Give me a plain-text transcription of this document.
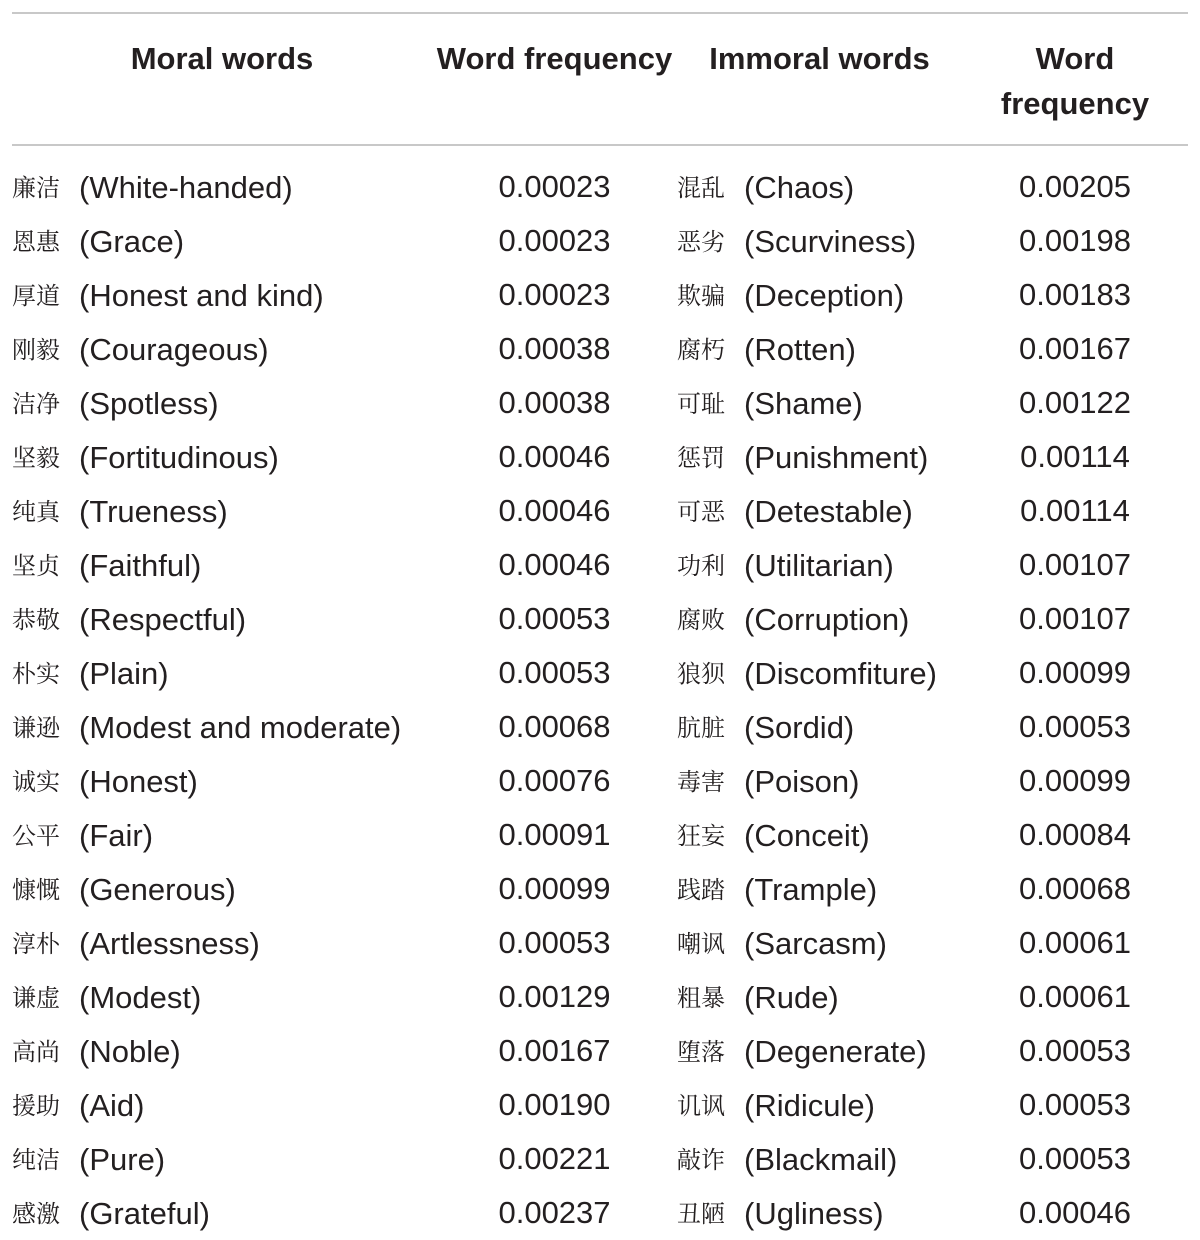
Moral words	Word frequency	Immoral words	Word frequency
廉洁 (White-handed)	0.00023	混乱 (Chaos)	0.00205
恩惠 (Grace)	0.00023	恶劣 (Scurviness)	0.00198
厚道 (Honest and kind)	0.00023	欺骗 (Deception)	0.00183
刚毅 (Courageous)	0.00038	腐朽 (Rotten)	0.00167
洁净 (Spotless)	0.00038	可耻 (Shame)	0.00122
坚毅 (Fortitudinous)	0.00046	惩罚 (Punishment)	0.00114
纯真 (Trueness)	0.00046	可恶 (Detestable)	0.00114
坚贞 (Faithful)	0.00046	功利 (Utilitarian)	0.00107
恭敬 (Respectful)	0.00053	腐败 (Corruption)	0.00107
朴实 (Plain)	0.00053	狼狈 (Discomfiture)	0.00099
谦逊 (Modest and moderate)	0.00068	肮脏 (Sordid)	0.00053
诚实 (Honest)	0.00076	毒害 (Poison)	0.00099
公平 (Fair)	0.00091	狂妄 (Conceit)	0.00084
慷慨 (Generous)	0.00099	践踏 (Trample)	0.00068
淳朴 (Artlessness)	0.00053	嘲讽 (Sarcasm)	0.00061
谦虚 (Modest)	0.00129	粗暴 (Rude)	0.00061
高尚 (Noble)	0.00167	堕落 (Degenerate)	0.00053
援助 (Aid)	0.00190	讥讽 (Ridicule)	0.00053
纯洁 (Pure)	0.00221	敲诈 (Blackmail)	0.00053
感激 (Grateful)	0.00237	丑陋 (Ugliness)	0.00046
